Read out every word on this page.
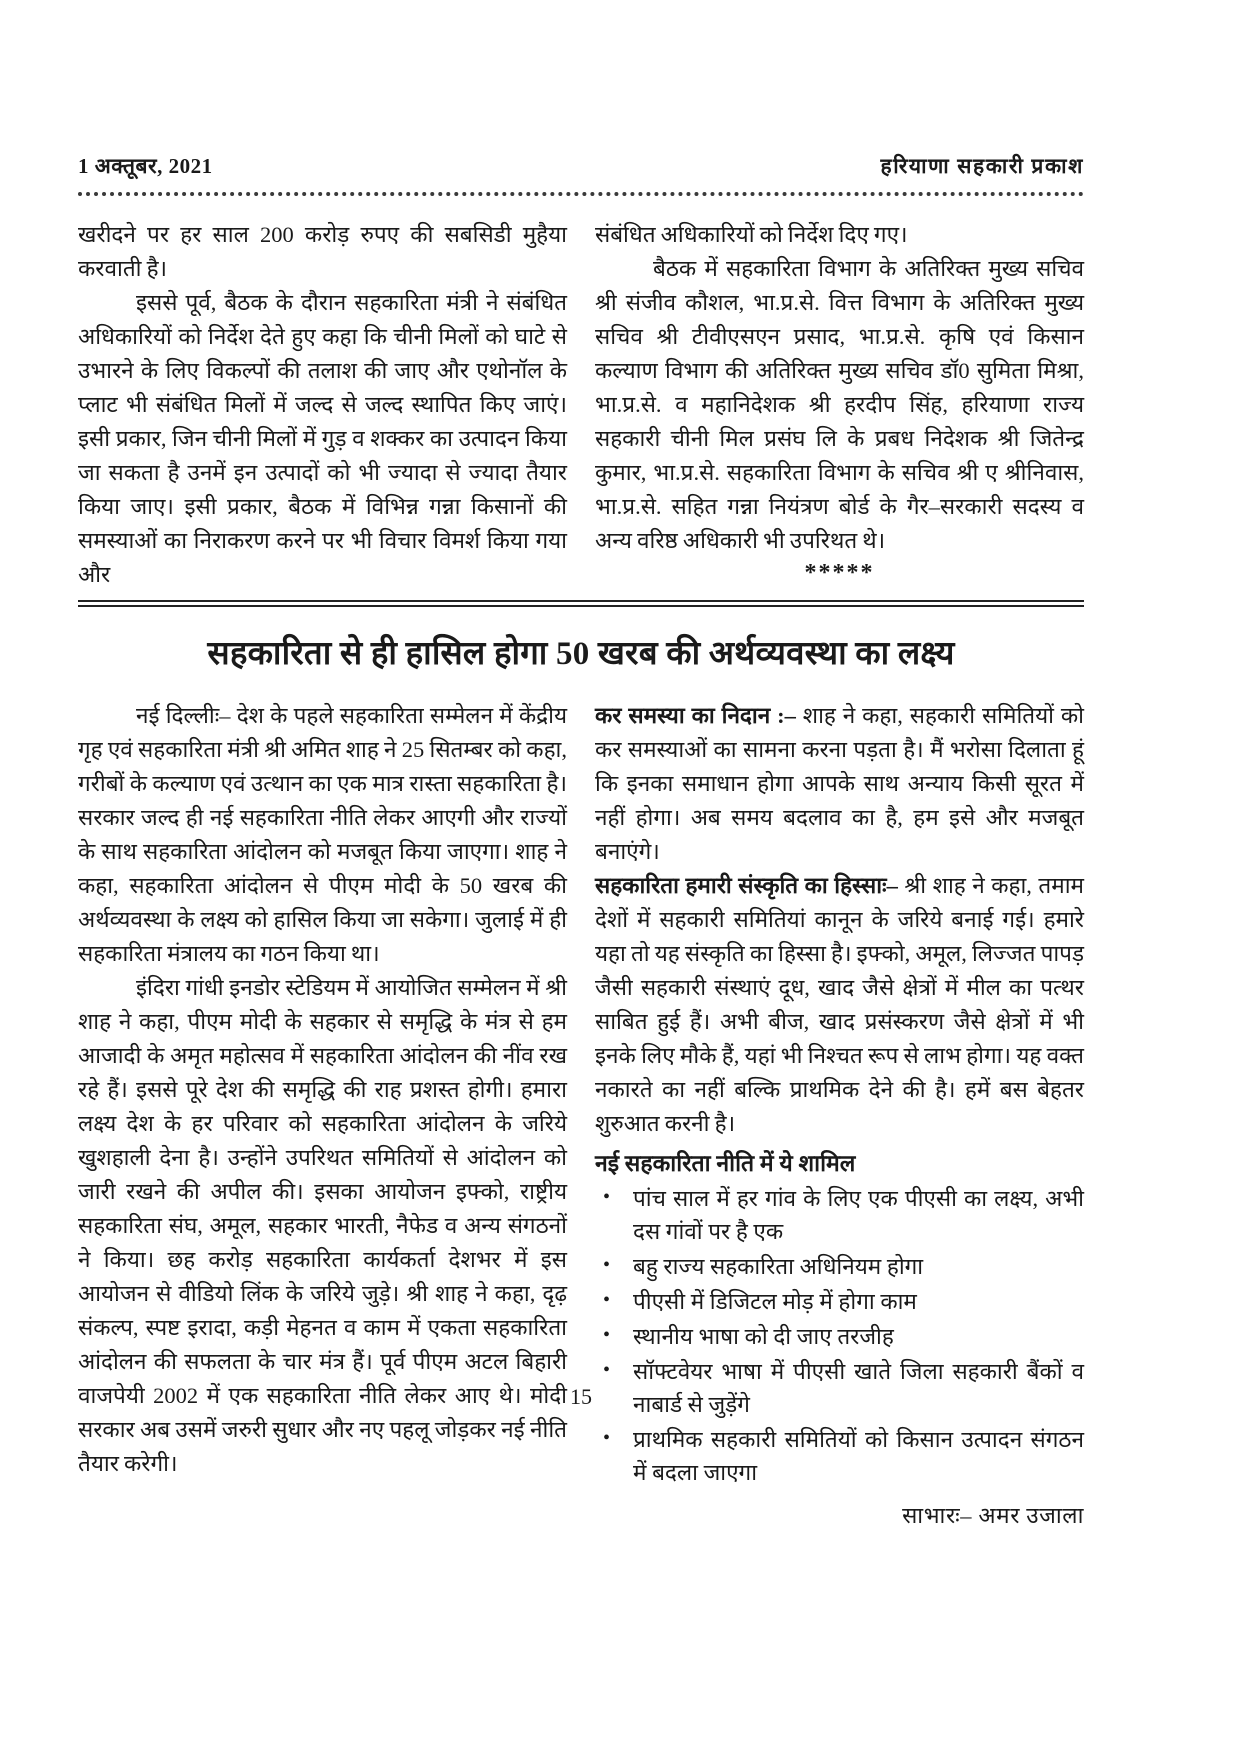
1 अक्तूबर, 2021	हरियाणा सहकारी प्रकाश

खरीदने पर हर साल 200 करोड़ रुपए की सबसिडी मुहैया करवाती है।

इससे पूर्व, बैठक के दौरान सहकारिता मंत्री ने संबंधित अधिकारियों को निर्देश देते हुए कहा कि चीनी मिलों को घाटे से उभारने के लिए विकल्पों की तलाश की जाए और एथोनॉल के प्लाट भी संबंधित मिलों में जल्द से जल्द स्थापित किए जाएं। इसी प्रकार, जिन चीनी मिलों में गुड़ व शक्कर का उत्पादन किया जा सकता है उनमें इन उत्पादों को भी ज्यादा से ज्यादा तैयार किया जाए। इसी प्रकार, बैठक में विभिन्न गन्ना किसानों की समस्याओं का निराकरण करने पर भी विचार विमर्श किया गया और

संबंधित अधिकारियों को निर्देश दिए गए।

बैठक में सहकारिता विभाग के अतिरिक्त मुख्य सचिव श्री संजीव कौशल, भा.प्र.से. वित्त विभाग के अतिरिक्त मुख्य सचिव श्री टीवीएसएन प्रसाद, भा.प्र.से. कृषि एवं किसान कल्याण विभाग की अतिरिक्त मुख्य सचिव डॉ0 सुमिता मिश्रा, भा.प्र.से. व महानिदेशक श्री हरदीप सिंह, हरियाणा राज्य सहकारी चीनी मिल प्रसंघ लि के प्रबध निदेशक श्री जितेन्द्र कुमार, भा.प्र.से. सहकारिता विभाग के सचिव श्री ए श्रीनिवास, भा.प्र.से. सहित गन्ना नियंत्रण बोर्ड के गैर–सरकारी सदस्य व अन्य वरिष्ठ अधिकारी भी उपरिथत थे।

*****
सहकारिता से ही हासिल होगा 50 खरब की अर्थव्यवस्था का लक्ष्य

नई दिल्लीः– देश के पहले सहकारिता सम्मेलन में केंद्रीय गृह एवं सहकारिता मंत्री श्री अमित शाह ने 25 सितम्बर को कहा, गरीबों के कल्याण एवं उत्थान का एक मात्र रास्ता सहकारिता है। सरकार जल्द ही नई सहकारिता नीति लेकर आएगी और राज्यों के साथ सहकारिता आंदोलन को मजबूत किया जाएगा। शाह ने कहा, सहकारिता आंदोलन से पीएम मोदी के 50 खरब की अर्थव्यवस्था के लक्ष्य को हासिल किया जा सकेगा। जुलाई में ही सहकारिता मंत्रालय का गठन किया था।

इंदिरा गांधी इनडोर स्टेडियम में आयोजित सम्मेलन में श्री शाह ने कहा, पीएम मोदी के सहकार से समृद्धि के मंत्र से हम आजादी के अमृत महोत्सव में सहकारिता आंदोलन की नींव रख रहे हैं। इससे पूरे देश की समृद्धि की राह प्रशस्त होगी। हमारा लक्ष्य देश के हर परिवार को सहकारिता आंदोलन के जरिये खुशहाली देना है। उन्होंने उपरिथत समितियों से आंदोलन को जारी रखने की अपील की। इसका आयोजन इफ्को, राष्ट्रीय सहकारिता संघ, अमूल, सहकार भारती, नैफेड व अन्य संगठनों ने किया। छह करोड़ सहकारिता कार्यकर्ता देशभर में इस आयोजन से वीडियो लिंक के जरिये जुड़े। श्री शाह ने कहा, दृढ़ संकल्प, स्पष्ट इरादा, कड़ी मेहनत व काम में एकता सहकारिता आंदोलन की सफलता के चार मंत्र हैं। पूर्व पीएम अटल बिहारी वाजपेयी 2002 में एक सहकारिता नीति लेकर आए थे। मोदी सरकार अब उसमें जरुरी सुधार और नए पहलू जोड़कर नई नीति तैयार करेगी।

कर समस्या का निदान :– शाह ने कहा, सहकारी समितियों को कर समस्याओं का सामना करना पड़ता है। मैं भरोसा दिलाता हूं कि इनका समाधान होगा आपके साथ अन्याय किसी सूरत में नहीं होगा। अब समय बदलाव का है, हम इसे और मजबूत बनाएंगे।

सहकारिता हमारी संस्कृति का हिस्साः– श्री शाह ने कहा, तमाम देशों में सहकारी समितियां कानून के जरिये बनाई गई। हमारे यहा तो यह संस्कृति का हिस्सा है। इफ्को, अमूल, लिज्जत पापड़ जैसी सहकारी संस्थाएं दूध, खाद जैसे क्षेत्रों में मील का पत्थर साबित हुई हैं। अभी बीज, खाद प्रसंस्करण जैसे क्षेत्रों में भी इनके लिए मौके हैं, यहां भी निश्चत रूप से लाभ होगा। यह वक्त नकारते का नहीं बल्कि प्राथमिक देने की है। हमें बस बेहतर शुरुआत करनी है।

नई सहकारिता नीति में ये शामिल
• पांच साल में हर गांव के लिए एक पीएसी का लक्ष्य, अभी दस गांवों पर है एक
• बहु राज्य सहकारिता अधिनियम होगा
• पीएसी में डिजिटल मोड़ में होगा काम
• स्थानीय भाषा को दी जाए तरजीह
• सॉफ्टवेयर भाषा में पीएसी खाते जिला सहकारी बैंकों व नाबार्ड से जुड़ेंगे
• प्राथमिक सहकारी समितियों को किसान उत्पादन संगठन में बदला जाएगा
साभारः– अमर उजाला
15
